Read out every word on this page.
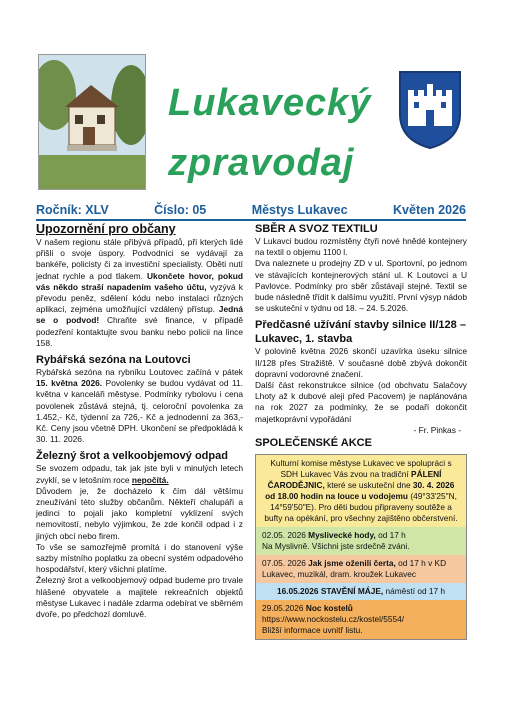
Lukavecký
zpravodaj
Ročník: XLV	Číslo: 05	Městys Lukavec	Květen 2026
Upozornění pro občany

V našem regionu stále přibývá případů, při kterých lidé přišli o svoje úspory. Podvodníci se vydávají za bankéře, policisty či za investiční specialisty. Oběti nutí jednat rychle a pod tlakem. Ukončete hovor, pokud vás někdo straší napadením vašeho účtu, vyzývá k převodu peněz, sdělení kódu nebo instalaci různých aplikací, zejména umožňující vzdálený přístup. Jedná se o podvod! Chraňte své finance, v případě podezření kontaktujte svou banku nebo policii na lince 158.

Rybářská sezóna na Loutovci

Rybářská sezóna na rybníku Loutovec začíná v pátek 15. května 2026. Povolenky se budou vydávat od 11. května v kanceláři městyse. Podmínky rybolovu i cena povolenek zůstává stejná, tj. celoroční povolenka za 1.452,- Kč, týdenní za 726,- Kč a jednodenní za 363,- Kč. Ceny jsou včetně DPH. Ukončení se předpokládá k 30. 11. 2026.

Železný šrot a velkoobjemový odpad

Se svozem odpadu, tak jak jste byli v minulých letech zvyklí, se v letošním roce nepočítá.

Důvodem je, že docházelo k čím dál většímu zneužívání této služby občanům. Někteří chalupáři a jedinci to pojali jako kompletní vyklízení svých nemovitostí, nebylo výjimkou, že zde končil odpad i z jiných obcí nebo firem.

To vše se samozřejmě promítá i do stanovení výše sazby místního poplatku za obecní systém odpadového hospodářství, který všichni platíme.

Železný šrot a velkoobjemový odpad budeme pro trvale hlášené obyvatele a majitele rekreačních objektů městyse Lukavec i nadále zdarma odebírat ve sběrném dvoře, po předchozí domluvě.

SBĚR A SVOZ TEXTILU

V Lukavci budou rozmístěny čtyři nové hnědé kontejnery na textil o objemu 1100 l.

Dva naleznete u prodejny ZD v ul. Sportovní, po jednom ve stávajících kontejnerových stání ul. K Loutovci a U Pavlovce. Podmínky pro sběr zůstávají stejné. Textil se bude následně třídit k dalšímu využití. První výsyp nádob se uskuteční v týdnu od 18. – 24. 5.2026.

Předčasné užívání stavby silnice II/128 – Lukavec, 1. stavba

V polovině května 2026 skončí uzavírka úseku silnice II/128 přes Stražiště. V současné době zbývá dokončit dopravní vodorovné značení.

Další část rekonstrukce silnice (od obchvatu Salačovy Lhoty až k dubové aleji před Pacovem) je naplánována na rok 2027 za podmínky, že se podaří dokončit majetkoprávní vypořádání

- Fr. Pinkas -

SPOLEČENSKÉ AKCE
Kulturní komise městyse Lukavec ve spolupráci s SDH Lukavec Vás zvou na tradiční PÁLENÍ ČARODĚJNIC, které se uskuteční dne 30. 4. 2026 od 18.00 hodin na louce u vodojemu (49°33'25"N, 14°59'50"E). Pro děti budou připraveny soutěže a bufty na opékání, pro všechny zajištěno občerstvení.
02.05. 2026 Myslivecké hody, od 17 h
Na Myslivně. Všichni jste srdečně zváni.
07.05. 2026 Jak jsme oženili čerta, od 17 h v KD Lukavec, muzikál, dram. kroužek Lukavec
16.05.2026 STAVĚNÍ MÁJE, náměstí od 17 h
29.05.2026 Noc kostelů
https://www.nockostelu.cz/kostel/5554/
Bližší informace uvnitř listu.
